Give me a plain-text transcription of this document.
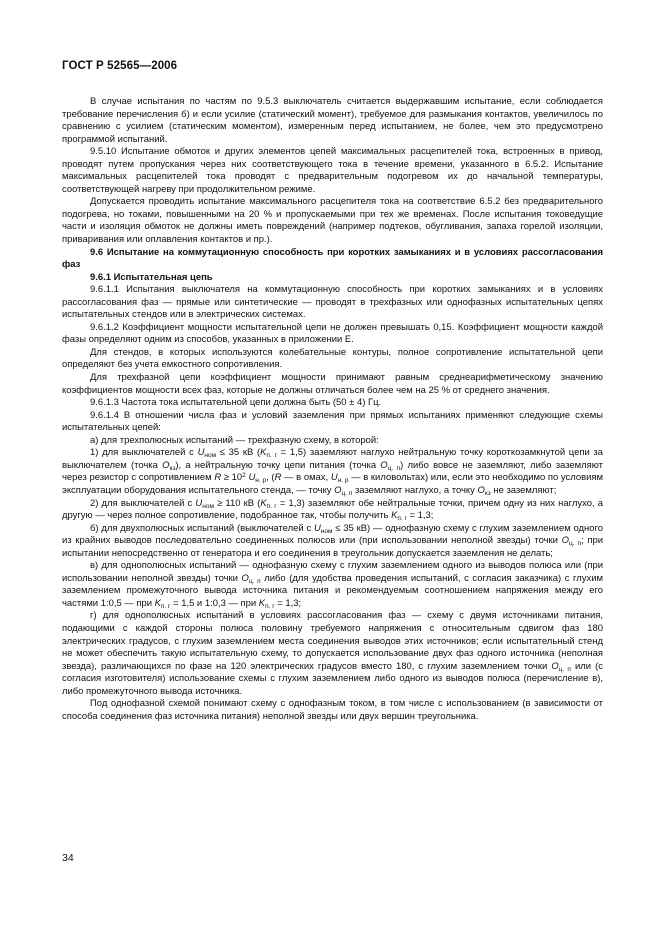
ГОСТ Р 52565—2006

В случае испытания по частям по 9.5.3 выключатель считается выдержавшим испытание, если соблюдается требование перечисления б) и если усилие (статический момент), требуемое для размыкания контактов, увеличилось по сравнению с усилием (статическим моментом), измеренным перед испытанием, не более, чем это предусмотрено программой испытаний.

9.5.10 Испытание обмоток и других элементов цепей максимальных расцепителей тока, встроенных в привод, проводят путем пропускания через них соответствующего тока в течение времени, указанного в 6.5.2. Испытание максимальных расцепителей тока проводят с предварительным подогревом их до начальной температуры, соответствующей нагреву при продолжительном режиме.

Допускается проводить испытание максимального расцепителя тока на соответствие 6.5.2 без предварительного подогрева, но токами, повышенными на 20 % и пропускаемыми при тех же временах. После испытания токоведущие части и изоляция обмоток не должны иметь повреждений (например подтеков, обугливания, запаха горелой изоляции, приваривания или оплавления контактов и пр.).

9.6 Испытание на коммутационную способность при коротких замыканиях и в условиях рассогласования фаз

9.6.1 Испытательная цепь

9.6.1.1 Испытания выключателя на коммутационную способность при коротких замыканиях и в условиях рассогласования фаз — прямые или синтетические — проводят в трехфазных или однофазных испытательных цепях испытательных стендов или в электрических системах.

9.6.1.2 Коэффициент мощности испытательной цепи не должен превышать 0,15. Коэффициент мощности каждой фазы определяют одним из способов, указанных в приложении Е.

Для стендов, в которых используются колебательные контуры, полное сопротивление испытательной цепи определяют без учета емкостного сопротивления.

Для трехфазной цепи коэффициент мощности принимают равным среднеарифметическому значению коэффициентов мощности всех фаз, которые не должны отличаться более чем на 25 % от среднего значения.

9.6.1.3 Частота тока испытательной цепи должна быть (50 ± 4) Гц.

9.6.1.4 В отношении числа фаз и условий заземления при прямых испытаниях применяют следующие схемы испытательных цепей:

а) для трехполюсных испытаний — трехфазную схему, в которой:

1) для выключателей с $U_{ном} \le 35$ кВ $(K_{п. г} = 1,5)$ заземляют наглухо нейтральную точку короткозамкнутой цепи за выключателем (точка $О_{кз}$), а нейтральную точку цепи питания (точка $О_{ц. п}$) либо вовсе не заземляют, либо заземляют через резистор с сопротивлением $R \ge 10^2$ $U_{н. р}$, (R — в омах, $U_{н. р}$ — в киловольтах) или, если это необходимо по условиям эксплуатации оборудования испытательного стенда, — точку $О_{ц. п}$ заземляют наглухо, а точку $О_{кз}$ не заземляют;

2) для выключателей с $U_{ном} \ge 110$ кВ $(K_{п. г} = 1,3)$ заземляют обе нейтральные точки, причем одну из них наглухо, а другую — через полное сопротивление, подобранное так, чтобы получить $K_{п. г} = 1,3$;

б) для двухполюсных испытаний (выключателей с $U_{ном} \le 35$ кВ) — однофазную схему с глухим заземлением одного из крайних выводов последовательно соединенных полюсов или (при использовании неполной звезды) точки $О_{ц. п}$; при испытании непосредственно от генератора и его соединения в треугольник допускается заземления не делать;

в) для однополюсных испытаний — однофазную схему с глухим заземлением одного из выводов полюса или (при использовании неполной звезды) точки $О_{ц. п}$ либо (для удобства проведения испытаний, с согласия заказчика) с глухим заземлением промежуточного вывода источника питания и рекомендуемым соотношением напряжения между его частями 1:0,5 — при $K_{п. г} = 1,5$ и 1:0,3 — при $K_{п. г} = 1,3$;

г) для однополюсных испытаний в условиях рассогласования фаз — схему с двумя источниками питания, подающими с каждой стороны полюса половину требуемого напряжения с относительным сдвигом фаз 180 электрических градусов, с глухим заземлением места соединения выводов этих источников; если испытательный стенд не может обеспечить такую испытательную схему, то допускается использование двух фаз одного источника (неполная звезда), различающихся по фазе на 120 электрических градусов вместо 180, с глухим заземлением точки $О_{ц. п}$ или (с согласия изготовителя) использование схемы с глухим заземлением либо одного из выводов полюса (перечисление в), либо промежуточного вывода источника.

Под однофазной схемой понимают схему с однофазным током, в том числе с использованием (в зависимости от способа соединения фаз источника питания) неполной звезды или двух вершин треугольника.

34
